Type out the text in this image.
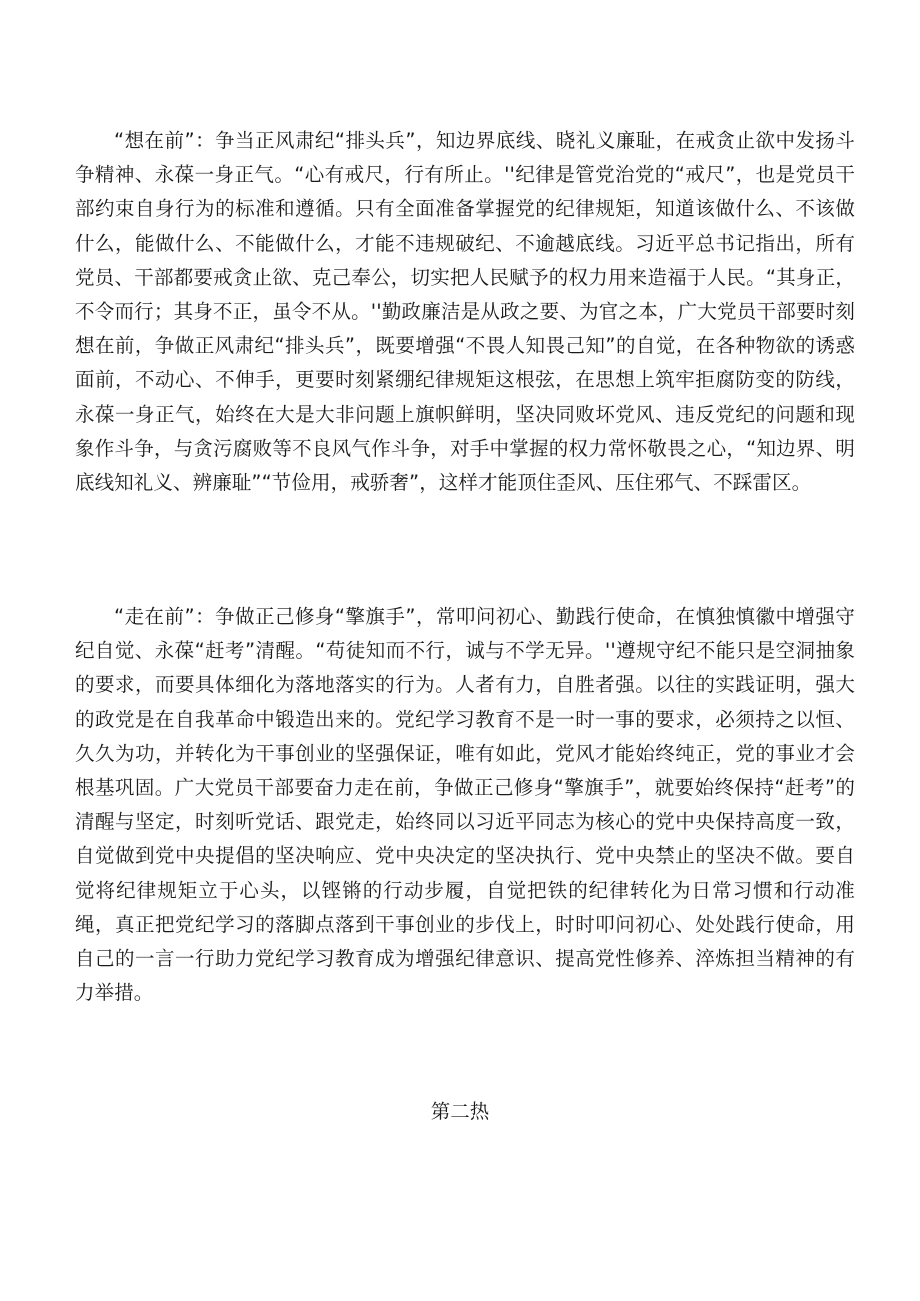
“想在前”：争当正风肃纪“排头兵”，知边界底线、晓礼义廉耻，在戒贪止欲中发扬斗争精神、永葆一身正气。“心有戒尺，行有所止。''纪律是管党治党的“戒尺”，也是党员干部约束自身行为的标准和遵循。只有全面准备掌握党的纪律规矩，知道该做什么、不该做什么，能做什么、不能做什么，才能不违规破纪、不逾越底线。习近平总书记指出，所有党员、干部都要戒贪止欲、克己奉公，切实把人民赋予的权力用来造福于人民。“其身正，不令而行；其身不正，虽令不从。''勤政廉洁是从政之要、为官之本，广大党员干部要时刻想在前，争做正风肃纪“排头兵”，既要增强“不畏人知畏己知”的自觉，在各种物欲的诱惑面前，不动心、不伸手，更要时刻紧绷纪律规矩这根弦，在思想上筑牢拒腐防变的防线，永葆一身正气，始终在大是大非问题上旗帜鲜明，坚决同败坏党风、违反党纪的问题和现象作斗争，与贪污腐败等不良风气作斗争，对手中掌握的权力常怀敬畏之心，“知边界、明底线知礼义、辨廉耻”“节俭用，戒骄奢”，这样才能顶住歪风、压住邪气、不踩雷区。

“走在前”：争做正己修身“擎旗手”，常叩问初心、勤践行使命，在慎独慎徽中增强守纪自觉、永葆“赶考”清醒。“苟徒知而不行，诚与不学无异。''遵规守纪不能只是空洞抽象的要求，而要具体细化为落地落实的行为。人者有力，自胜者强。以往的实践证明，强大的政党是在自我革命中锻造出来的。党纪学习教育不是一时一事的要求，必须持之以恒、久久为功，并转化为干事创业的坚强保证，唯有如此，党风才能始终纯正，党的事业才会根基巩固。广大党员干部要奋力走在前，争做正己修身“擎旗手”，就要始终保持“赶考”的清醒与坚定，时刻听党话、跟党走，始终同以习近平同志为核心的党中央保持高度一致，自觉做到党中央提倡的坚决响应、党中央决定的坚决执行、党中央禁止的坚决不做。要自觉将纪律规矩立于心头，以铿锵的行动步履，自觉把铁的纪律转化为日常习惯和行动准绳，真正把党纪学习的落脚点落到干事创业的步伐上，时时叩问初心、处处践行使命，用自己的一言一行助力党纪学习教育成为增强纪律意识、提高党性修养、淬炼担当精神的有力举措。

第二热
